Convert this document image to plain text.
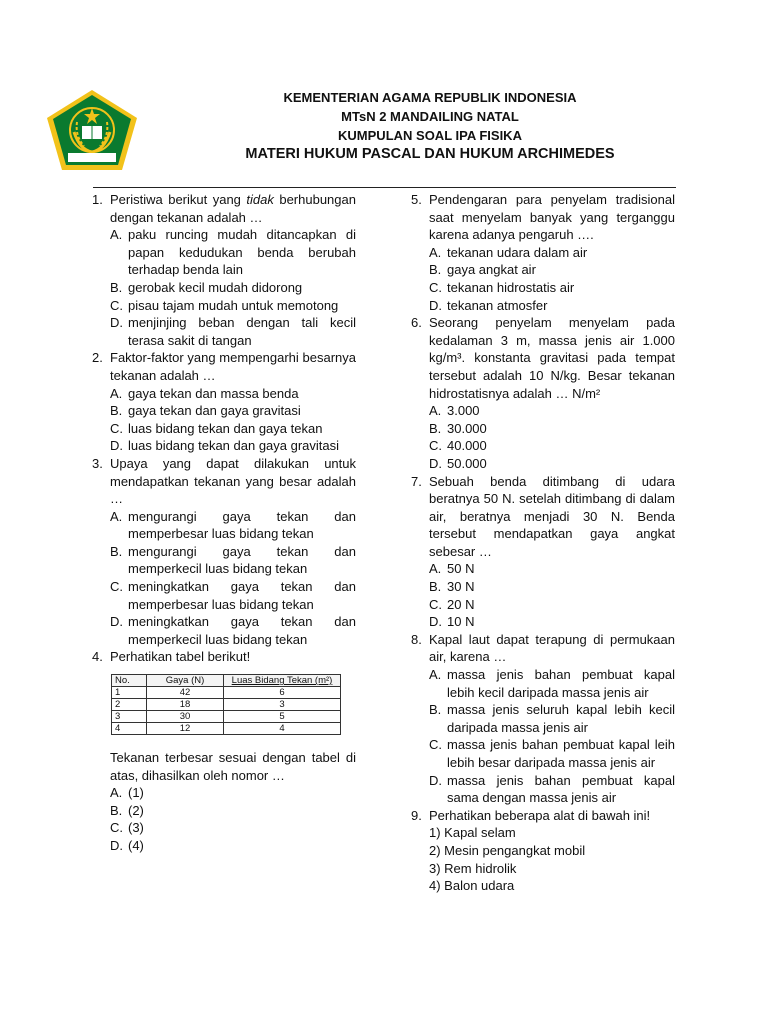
KEMENTERIAN AGAMA REPUBLIK INDONESIA
MTsN 2 MANDAILING NATAL
KUMPULAN SOAL IPA FISIKA
MATERI HUKUM PASCAL DAN HUKUM ARCHIMEDES
1. Peristiwa berikut yang tidak berhubungan dengan tekanan adalah …
A. paku runcing mudah ditancapkan di papan kedudukan benda berubah terhadap benda lain
B. gerobak kecil mudah didorong
C. pisau tajam mudah untuk memotong
D. menjinjing beban dengan tali kecil terasa sakit di tangan
2. Faktor-faktor yang mempengarhi besarnya tekanan adalah …
A. gaya tekan dan massa benda
B. gaya tekan dan gaya gravitasi
C. luas bidang tekan dan gaya tekan
D. luas bidang tekan dan gaya gravitasi
3. Upaya yang dapat dilakukan untuk mendapatkan tekanan yang besar adalah …
A. mengurangi gaya tekan dan memperbesar luas bidang tekan
B. mengurangi gaya tekan dan memperkecil luas bidang tekan
C. meningkatkan gaya tekan dan memperbesar luas bidang tekan
D. meningkatkan gaya tekan dan memperkecil luas bidang tekan
4. Perhatikan tabel berikut!
No.	Gaya (N)	Luas Bidang Tekan (m²)
1	42	6
2	18	3
3	30	5
4	12	4
Tekanan terbesar sesuai dengan tabel di atas, dihasilkan oleh nomor …
A. (1)
B. (2)
C. (3)
D. (4)
5. Pendengaran para penyelam tradisional saat menyelam banyak yang terganggu karena adanya pengaruh ….
A. tekanan udara dalam air
B. gaya angkat air
C. tekanan hidrostatis air
D. tekanan atmosfer
6. Seorang penyelam menyelam pada kedalaman 3 m, massa jenis air 1.000 kg/m³. konstanta gravitasi pada tempat tersebut adalah 10 N/kg. Besar tekanan hidrostatisnya adalah … N/m²
A. 3.000
B. 30.000
C. 40.000
D. 50.000
7. Sebuah benda ditimbang di udara beratnya 50 N. setelah ditimbang di dalam air, beratnya menjadi 30 N. Benda tersebut mendapatkan gaya angkat sebesar …
A. 50 N
B. 30 N
C. 20 N
D. 10 N
8. Kapal laut dapat terapung di permukaan air, karena …
A. massa jenis bahan pembuat kapal lebih kecil daripada massa jenis air
B. massa jenis seluruh kapal lebih kecil daripada massa jenis air
C. massa jenis bahan pembuat kapal leih lebih besar daripada massa jenis air
D. massa jenis bahan pembuat kapal sama dengan massa jenis air
9. Perhatikan beberapa alat di bawah ini!
1) Kapal selam
2) Mesin pengangkat mobil
3) Rem hidrolik
4) Balon udara
